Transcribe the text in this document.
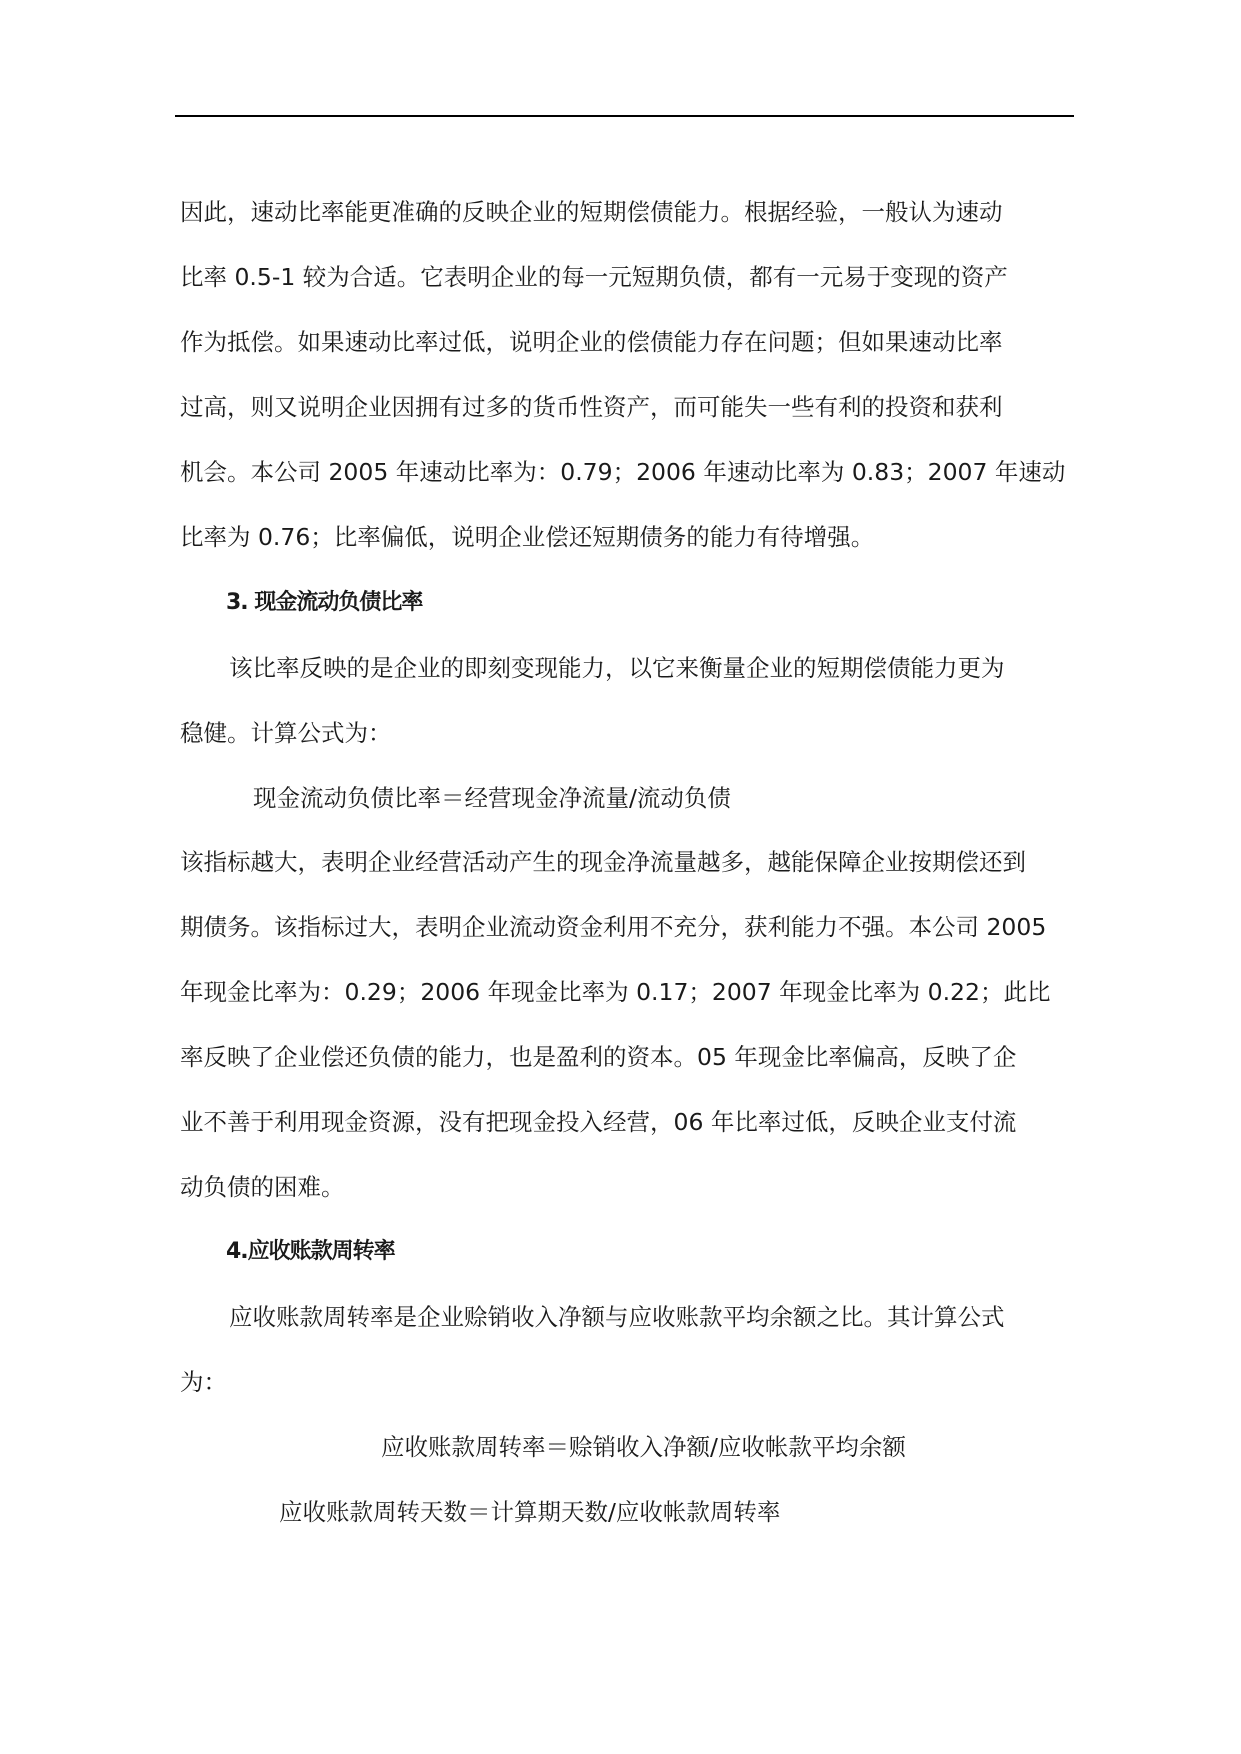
因此，速动比率能更准确的反映企业的短期偿债能力。根据经验，一般认为速动
比率 0.5-1 较为合适。它表明企业的每一元短期负债，都有一元易于变现的资产
作为抵偿。如果速动比率过低，说明企业的偿债能力存在问题；但如果速动比率
过高，则又说明企业因拥有过多的货币性资产，而可能失一些有利的投资和获利
机会。本公司 2005 年速动比率为：0.79；2006 年速动比率为 0.83；2007 年速动
比率为 0.76；比率偏低，说明企业偿还短期债务的能力有待增强。
3. 现金流动负债比率
该比率反映的是企业的即刻变现能力，以它来衡量企业的短期偿债能力更为
稳健。计算公式为：
现金流动负债比率＝经营现金净流量/流动负债
该指标越大，表明企业经营活动产生的现金净流量越多，越能保障企业按期偿还到
期债务。该指标过大，表明企业流动资金利用不充分，获利能力不强。本公司 2005
年现金比率为：0.29；2006 年现金比率为 0.17；2007 年现金比率为 0.22；此比
率反映了企业偿还负债的能力，也是盈利的资本。05 年现金比率偏高，反映了企
业不善于利用现金资源，没有把现金投入经营，06 年比率过低，反映企业支付流
动负债的困难。
4.应收账款周转率
应收账款周转率是企业赊销收入净额与应收账款平均余额之比。其计算公式
为：
应收账款周转率＝赊销收入净额/应收帐款平均余额
应收账款周转天数＝计算期天数/应收帐款周转率
